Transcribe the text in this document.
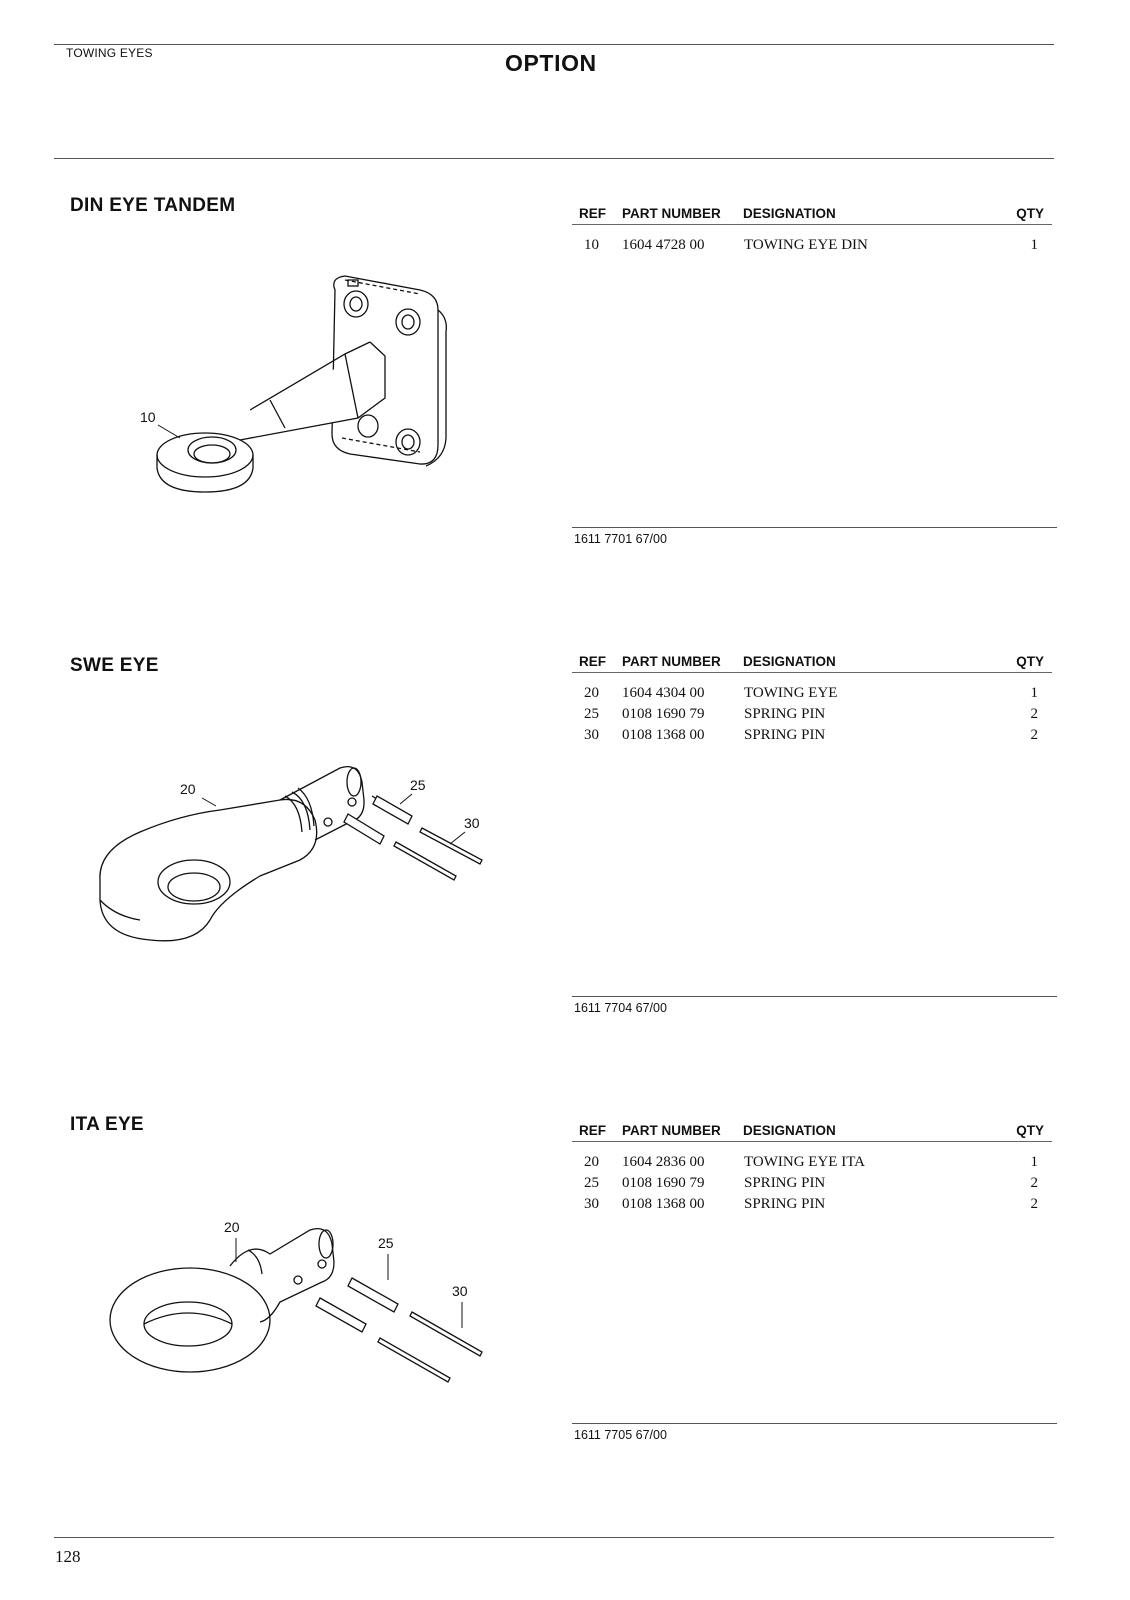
TOWING EYES	OPTION
DIN EYE TANDEM
10
REF PART NUMBER DESIGNATION	QTY
10 1604 4728 00	TOWING EYE DIN	1
1611 7701 67/00
SWE EYE
20	25
30
REF PART NUMBER DESIGNATION	QTY
20 1604 4304 00	TOWING EYE	1
25 0108 1690 79	SPRING PIN	2
30 0108 1368 00	SPRING PIN	2
1611 7704 67/00
ITA EYE
20
25
30
REF PART NUMBER DESIGNATION	QTY
20 1604 2836 00	TOWING EYE ITA	1
25 0108 1690 79	SPRING PIN	2
30 0108 1368 00	SPRING PIN	2
1611 7705 67/00
128
